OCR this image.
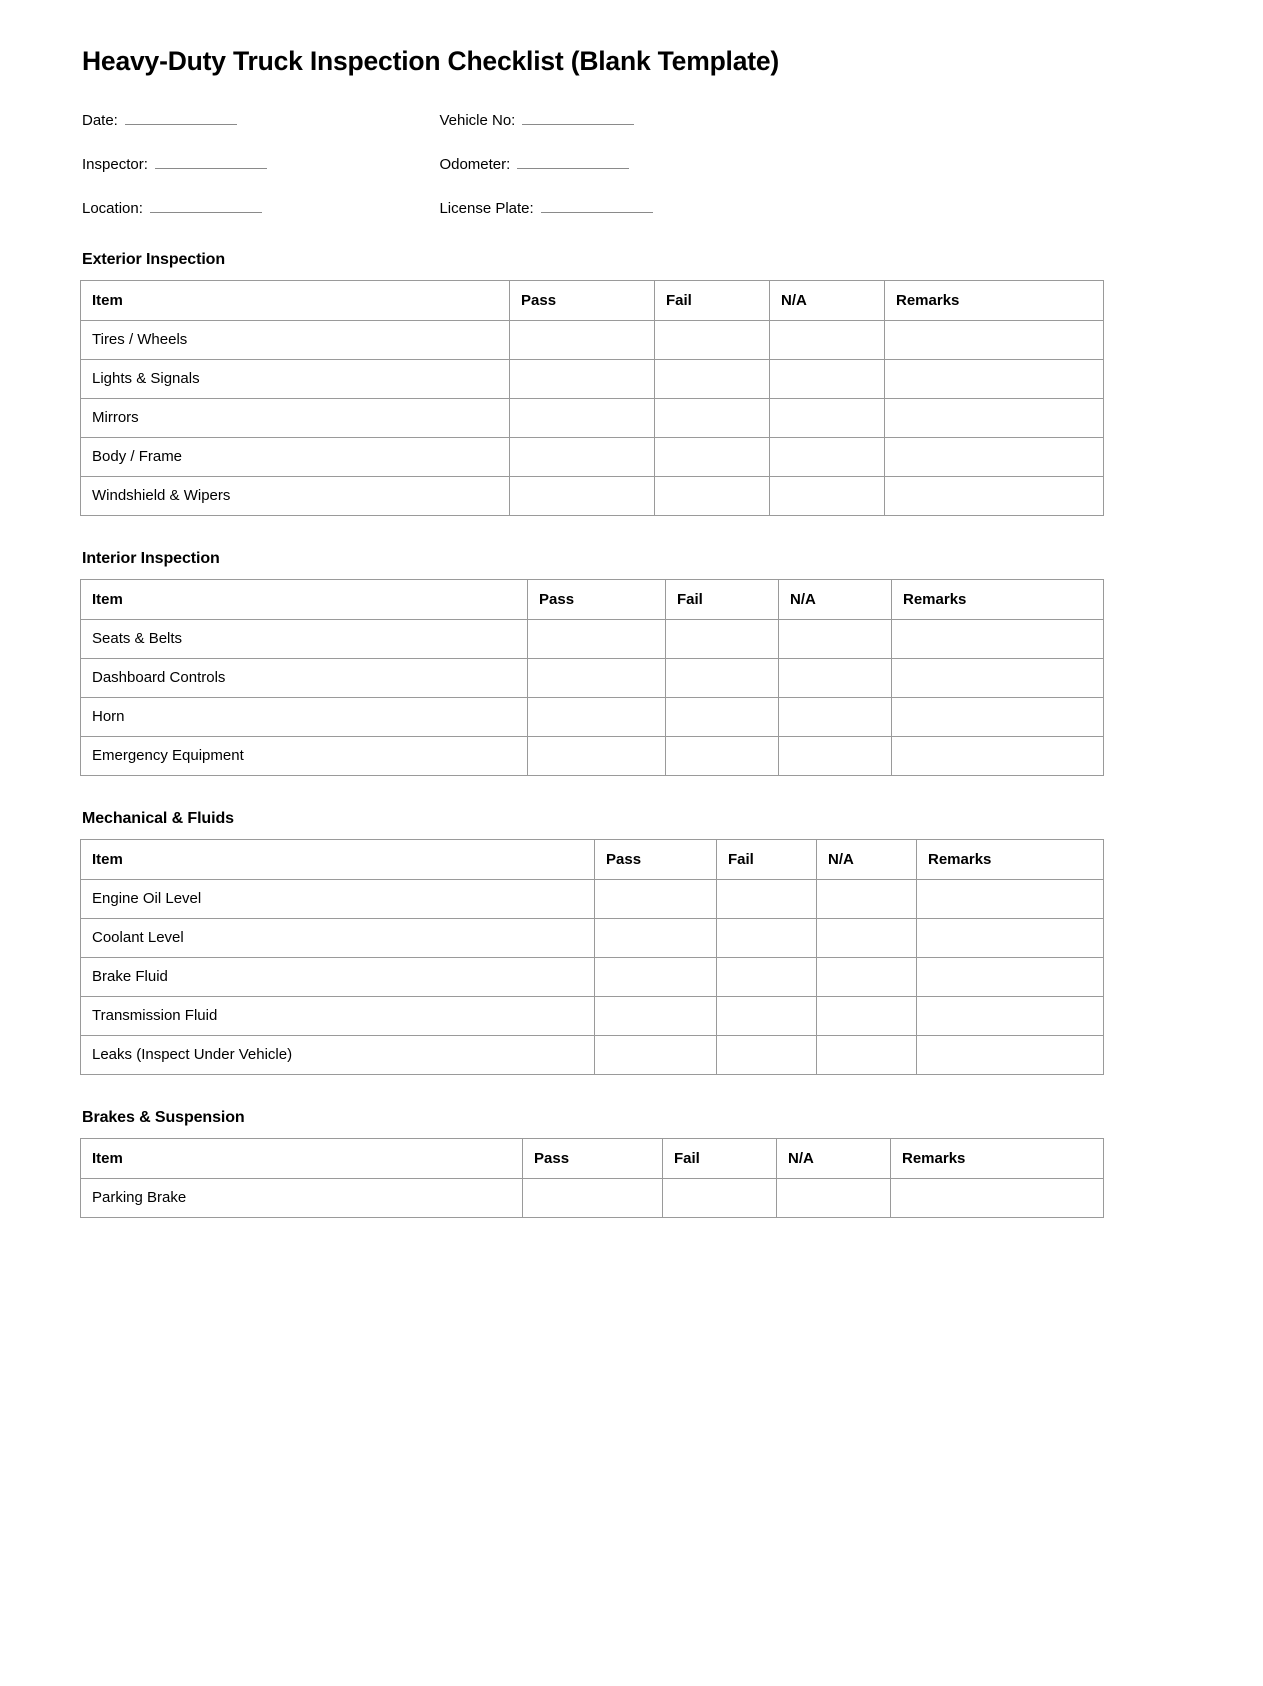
Heavy-Duty Truck Inspection Checklist (Blank Template)
Date:	Vehicle No:
Inspector:	Odometer:
Location:	License Plate:
Exterior Inspection
Item	Pass	Fail	N/A	Remarks
Tires / Wheels				
Lights & Signals				
Mirrors				
Body / Frame				
Windshield & Wipers				
Interior Inspection
Item	Pass	Fail	N/A	Remarks
Seats & Belts				
Dashboard Controls				
Horn				
Emergency Equipment				
Mechanical & Fluids
Item	Pass	Fail	N/A	Remarks
Engine Oil Level				
Coolant Level				
Brake Fluid				
Transmission Fluid				
Leaks (Inspect Under Vehicle)				
Brakes & Suspension
Item	Pass	Fail	N/A	Remarks
Parking Brake				
